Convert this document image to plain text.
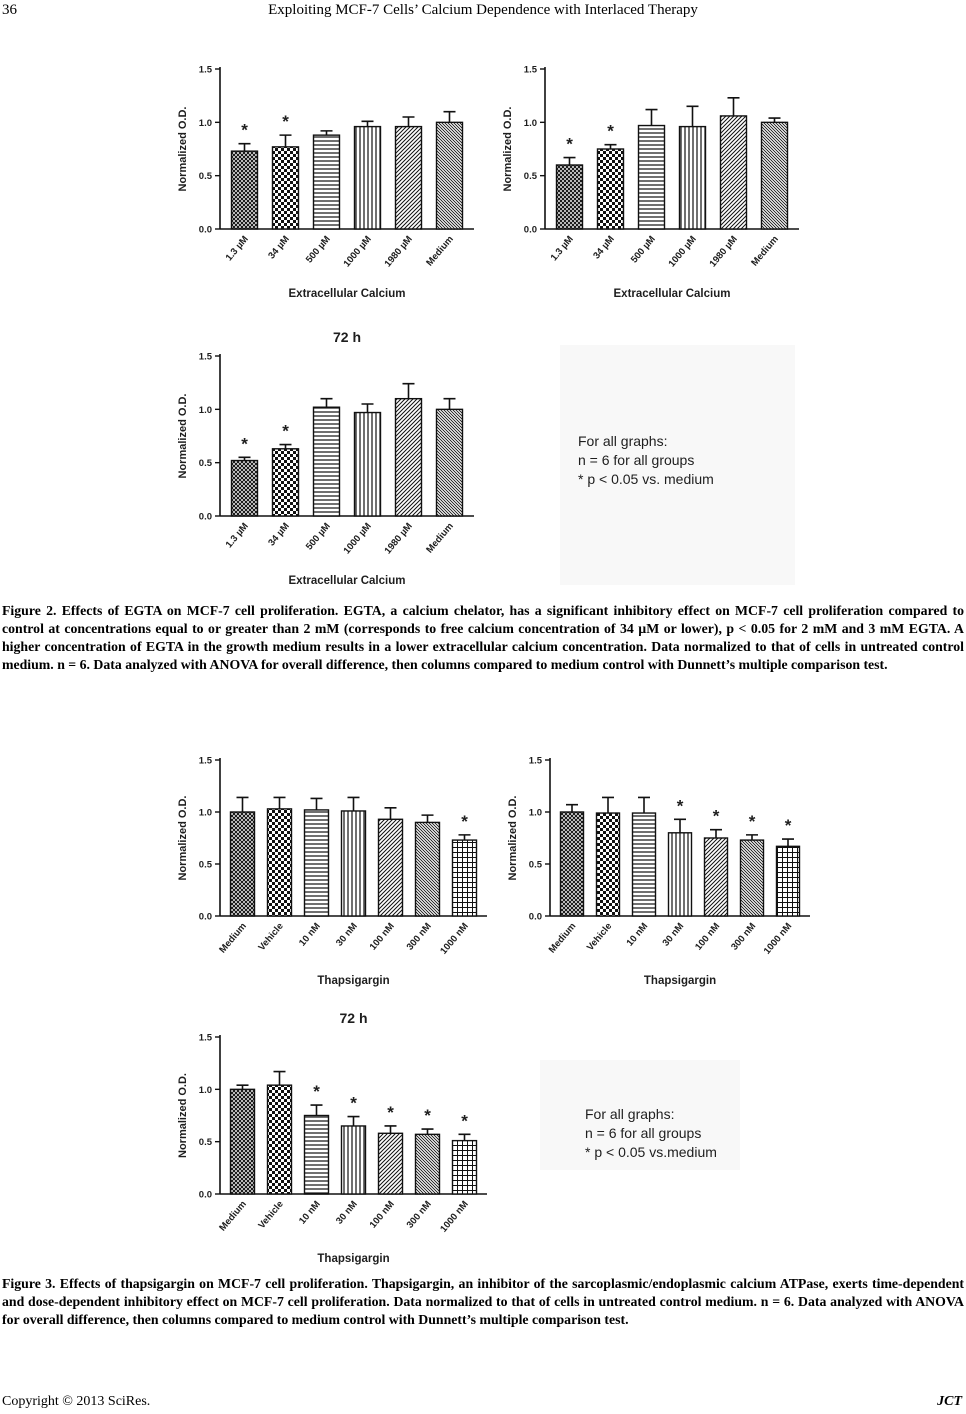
36	Exploiting MCF-7 Cells’ Calcium Dependence with Interlaced Therapy
0.0
0.5
1.0
1.5
Normalized O.D.	*
1.3 µM
*
34 µM 500 µM 1000 µM 1980 µM Medium
Extracellular Calcium
0.0
0.5
1.0
1.5
Normalized O.D.	*
1.3 µM
*
34 µM 500 µM 1000 µM 1980 µM Medium
Extracellular Calcium
72 h
0.0
0.5
1.0
1.5
Normalized O.D.	*
1.3 µM
*
34 µM 500 µM 1000 µM 1980 µM Medium
Extracellular Calcium
For all graphs:
n = 6 for all groups
* p < 0.05 vs. medium
Figure 2. Effects of EGTA on MCF-7 cell proliferation. EGTA, a calcium chelator, has a significant inhibitory effect on MCF-7 cell proliferation compared to control at concentrations equal to or greater than 2 mM (corresponds to free calcium concentration of 34 µM or lower), p < 0.05 for 2 mM and 3 mM EGTA. A higher concentration of EGTA in the growth medium results in a lower extracellular calcium concentration. Data normalized to that of cells in untreated control medium. n = 6. Data analyzed with ANOVA for overall difference, then columns compared to medium control with Dunnett’s multiple comparison test.
0.0
0.5
1.0
1.5
Normalized O.D.
Medium Vehicle 10 nM 30 nM 100 nM 300 nM
*
1000 nM
Thapsigargin
0.0
0.5
1.0
1.5
Normalized O.D.
Medium Vehicle 10 nM
*
30 nM
*
100 nM
*
300 nM
*
1000 nM
Thapsigargin
72 h
0.0
0.5
1.0
1.5
Normalized O.D.
Medium Vehicle
*
10 nM
*
30 nM
*
100 nM
*
300 nM
*
1000 nM
Thapsigargin
For all graphs:
n = 6 for all groups
* p < 0.05 vs.medium
Figure 3. Effects of thapsigargin on MCF-7 cell proliferation. Thapsigargin, an inhibitor of the sarcoplasmic/endoplasmic calcium ATPase, exerts time-dependent and dose-dependent inhibitory effect on MCF-7 cell proliferation. Data normalized to that of cells in untreated control medium. n = 6. Data analyzed with ANOVA for overall difference, then columns compared to medium control with Dunnett’s multiple comparison test.
Copyright © 2013 SciRes.	JCT
